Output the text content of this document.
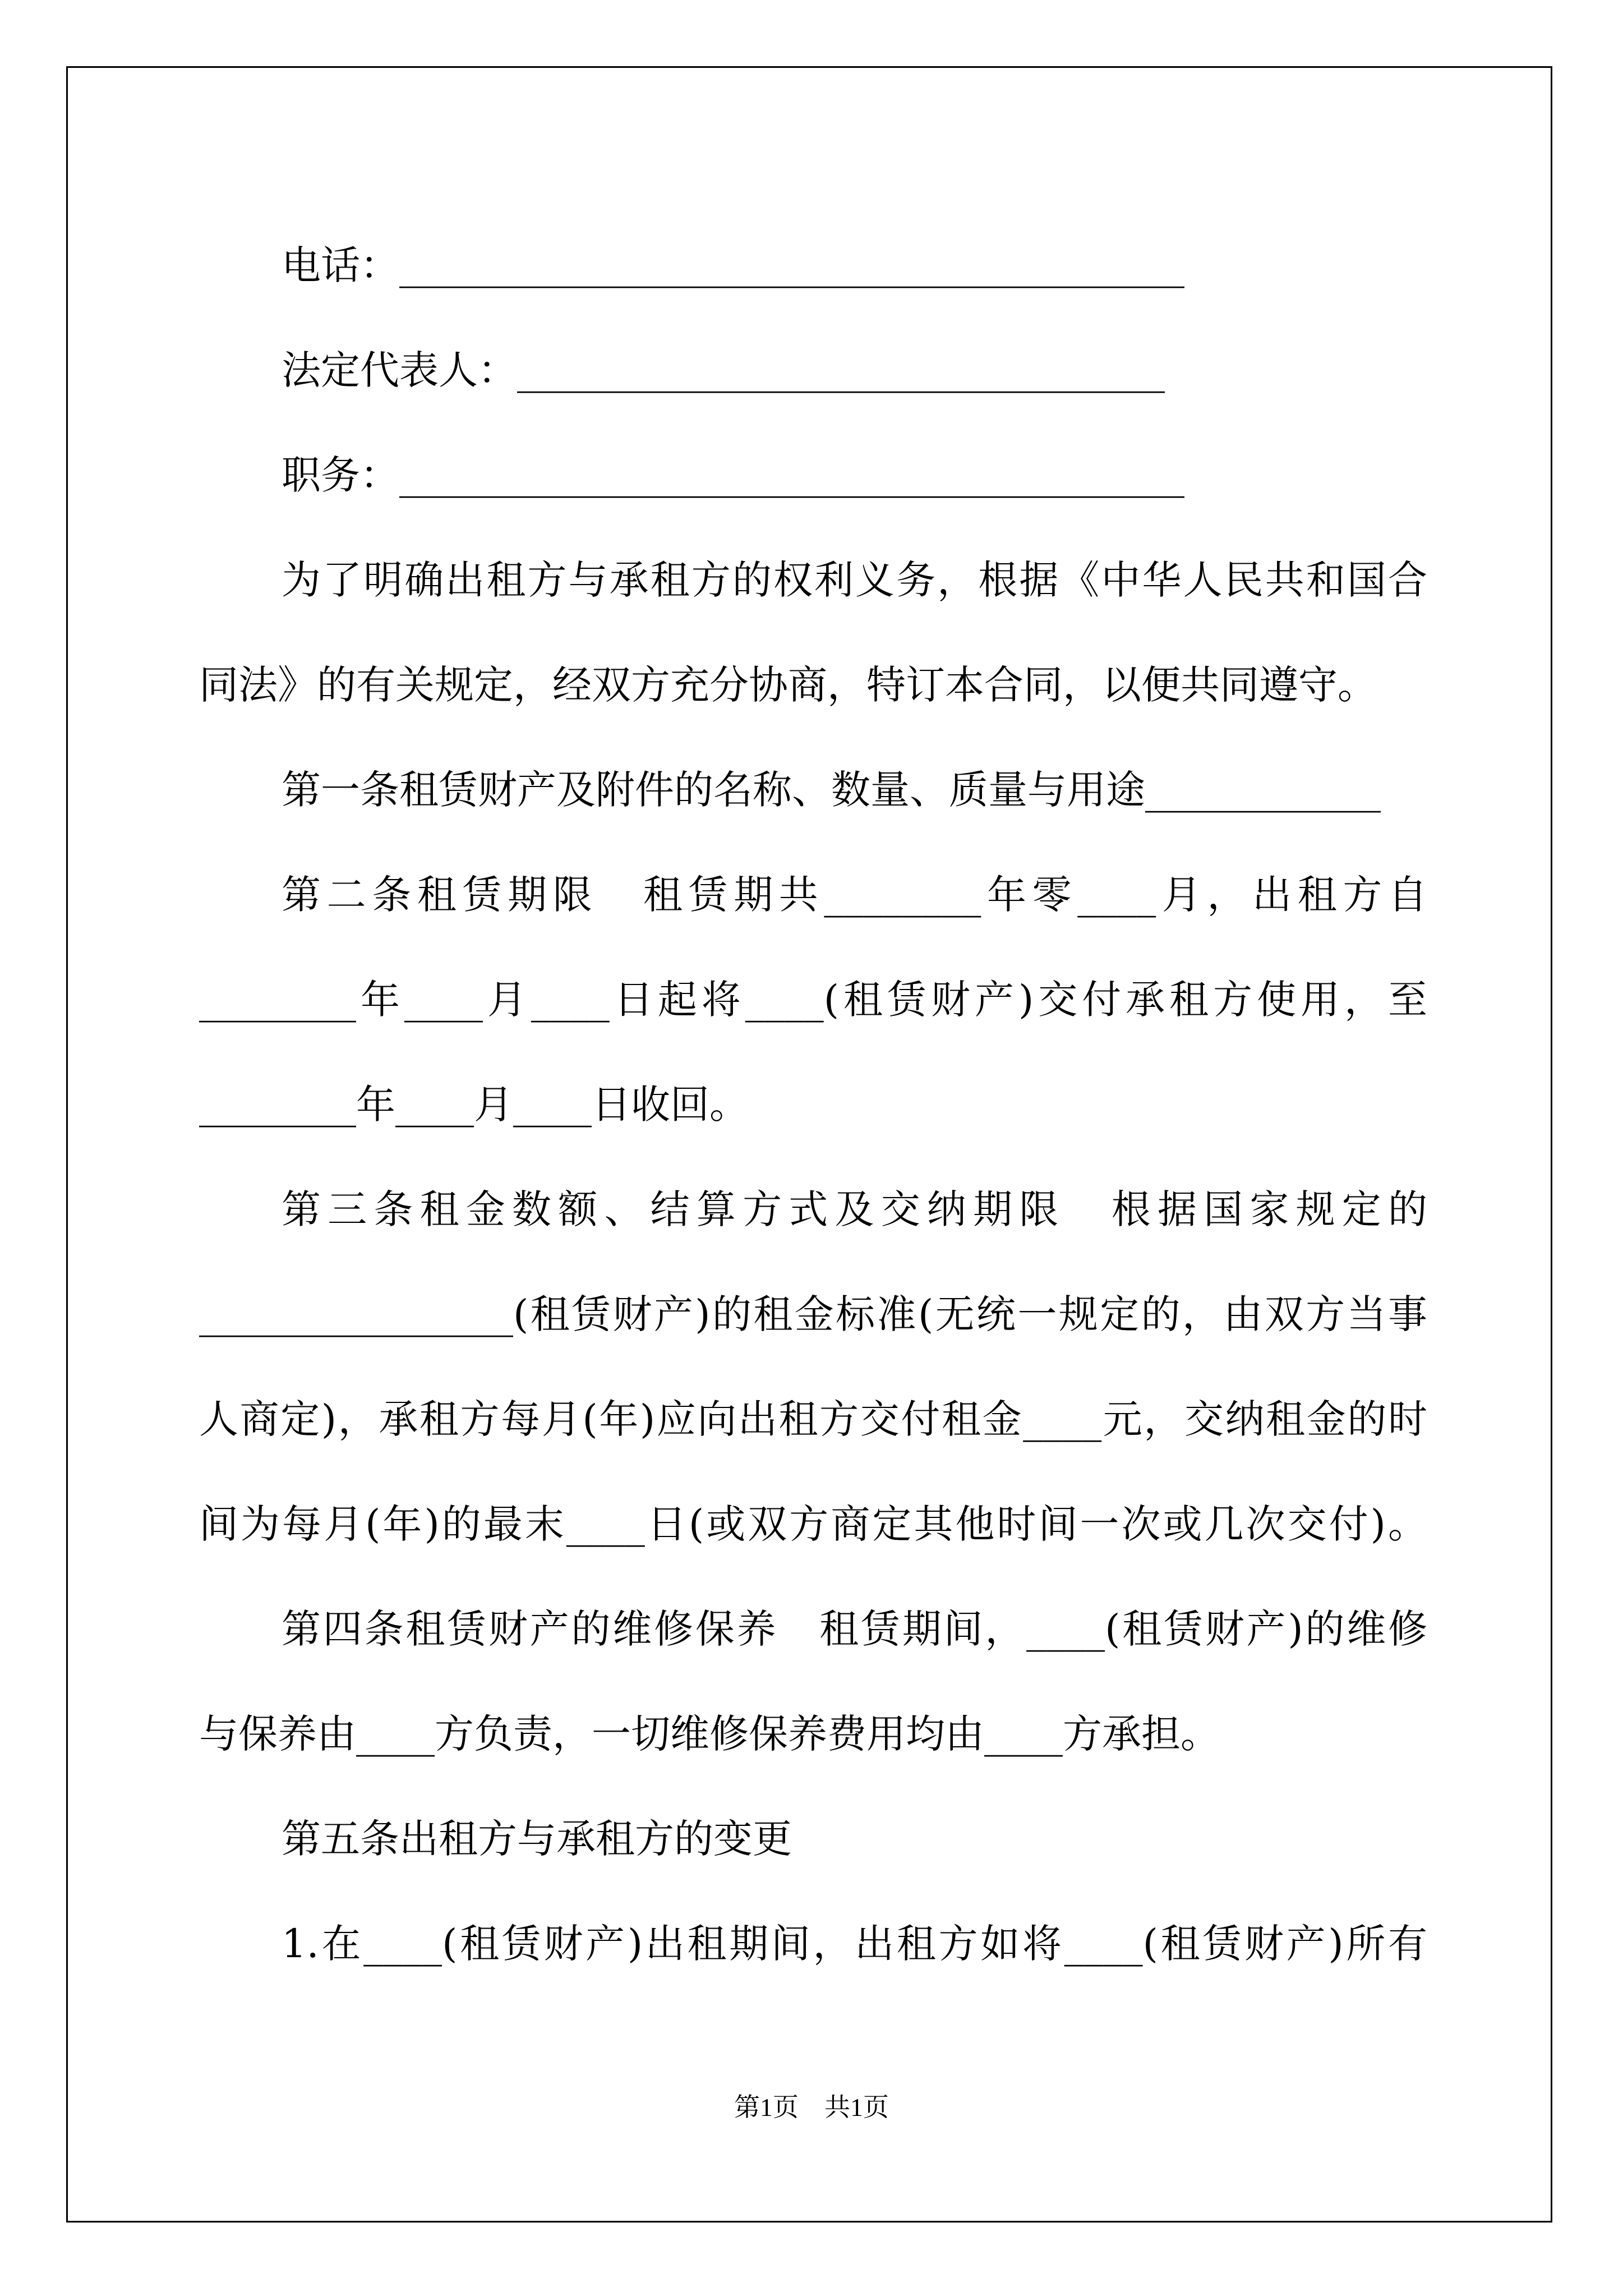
电话：________________________________________

法定代表人：_________________________________

职务：________________________________________

为了明确出租方与承租方的权利义务，根据《中华人民共和国合

同法》的有关规定，经双方充分协商，特订本合同，以便共同遵守。

第一条租赁财产及附件的名称、数量、质量与用途____________

第二条租赁期限　租赁期共________年零____月，出租方自

________年____月____日起将____(租赁财产)交付承租方使用，至

________年____月____日收回。

第三条租金数额、结算方式及交纳期限　根据国家规定的

________________(租赁财产)的租金标准(无统一规定的，由双方当事

人商定)，承租方每月(年)应向出租方交付租金____元，交纳租金的时

间为每月(年)的最末____日(或双方商定其他时间一次或几次交付)。

第四条租赁财产的维修保养　租赁期间，____(租赁财产)的维修

与保养由____方负责，一切维修保养费用均由____方承担。

第五条出租方与承租方的变更

1.在____(租赁财产)出租期间，出租方如将____(租赁财产)所有

第1页　共1页
